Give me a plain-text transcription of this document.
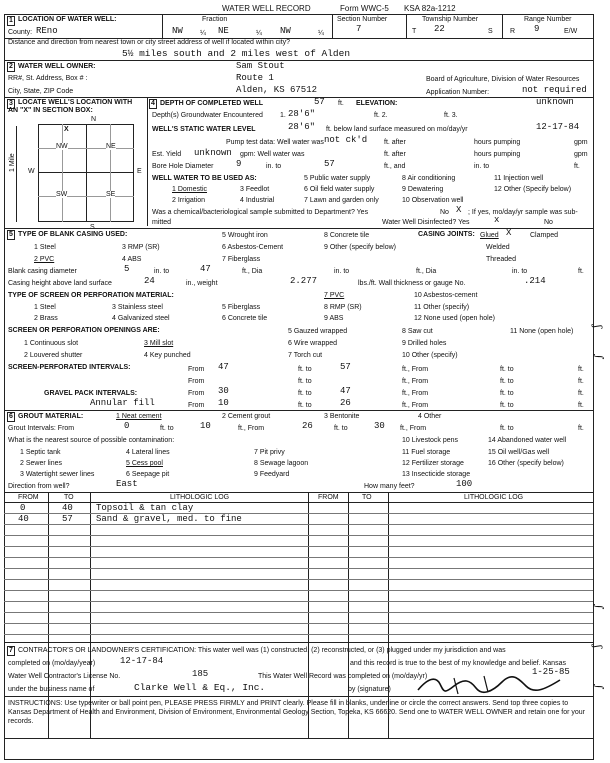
WATER WELL RECORD	Form WWC-5 KSA 82a-1212
1 LOCATION OF WATER WELL:
County: REno
Fraction
NW ¼ NE	¼ NW	¼
Section Number
7
Township Number
T 22	S
Range Number
R 9	E/W
Distance and direction from nearest town or city street address of well if located within city?
5½ miles south and 2 miles west of Alden
2 WATER WELL OWNER:	Sam Stout
RR#, St. Address, Box # :	Route 1	Board of Agriculture, Division of Water Resources
City, State, ZIP Code	Alden, KS 67512	Application Number:	not required
3 LOCATE WELL'S LOCATION WITH
AN "X" IN SECTION BOX:
N
W	E
1 Mile
NW	NE
SW	SE
X
4 DEPTH OF COMPLETED WELL	57 ft. ELEVATION:	unknown
Depth(s) Groundwater Encountered 1. 28'6"	ft. 2.	ft. 3.
WELL'S STATIC WATER LEVEL	28'6" ft. below land surface measured on mo/day/yr	12-17-84
Pump test data: Well water was not ck'd ft. after	hours pumping	gpm
Est. Yield unknown gpm: Well water was	ft. after	hours pumping	gpm
Bore Hole Diameter	9	in. to	57	ft., and	in. to	ft.
WELL WATER TO BE USED AS:	5 Public water supply	8 Air conditioning	11 Injection well
1 Domestic	3 Feedlot	6 Oil field water supply	9 Dewatering	12 Other (Specify below)
2 Irrigation	4 Industrial	7 Lawn and garden only	10 Observation well
Was a chemical/bacteriological sample submitted to Department? Yes	No X ; If yes, mo/day/yr sample was sub-
mitted	Water Well Disinfected? Yes	x	No
5 TYPE OF BLANK CASING USED:	5 Wrought iron	8 Concrete tile	CASING JOINTS: Glued X	Clamped
1 Steel	3 RMP (SR)	6 Asbestos-Cement	9 Other (specify below)	Welded
2 PVC	4 ABS	7 Fiberglass	Threaded
Blank casing diameter	5	in. to	47	ft., Dia	in. to	ft., Dia	in. to	ft.
Casing height above land surface	24	in., weight	2.277	lbs./ft. Wall thickness or gauge No.	.214
TYPE OF SCREEN OR PERFORATION MATERIAL:	7 PVC	10 Asbestos-cement
1 Steel	3 Stainless steel	5 Fiberglass	8 RMP (SR)	11 Other (specify)
2 Brass	4 Galvanized steel	6 Concrete tile	9 ABS	12 None used (open hole)
SCREEN OR PERFORATION OPENINGS ARE:	5 Gauzed wrapped	8 Saw cut	11 None (open hole)
1 Continuous slot	3 Mill slot	6 Wire wrapped	9 Drilled holes
2 Louvered shutter	4 Key punched	7 Torch cut	10 Other (specify)
SCREEN-PERFORATED INTERVALS:	From 47	ft. to	57	ft., From	ft. to	ft.
From	ft. to	ft., From	ft. to	ft.
GRAVEL PACK INTERVALS:	From 30	ft. to	47	ft., From	ft. to	ft.
Annular fill	From 10	ft. to	26	ft., From	ft. to	ft.
6 GROUT MATERIAL:	1 Neat cement	2 Cement grout	3 Bentonite	4 Other
Grout Intervals: From	0	ft. to	10	ft., From	26	ft. to	30 ft., From	ft. to	ft.
What is the nearest source of possible contamination:	10 Livestock pens	14 Abandoned water well
1 Septic tank	4 Lateral lines	7 Pit privy	11 Fuel storage	15 Oil well/Gas well
2 Sewer lines	5 Cess pool	8 Sewage lagoon	12 Fertilizer storage	16 Other (specify below)
3 Watertight sewer lines	6 Seepage pit	9 Feedyard	13 Insecticide storage
Direction from well?	East	How many feet?	100
FROM	TO	LITHOLOGIC LOG	FROM	TO	LITHOLOGIC LOG
0	40	Topsoil & tan clay
40	57	Sand & gravel, med. to fine
7 CONTRACTOR'S OR LANDOWNER'S CERTIFICATION: This water well was (1) constructed, (2) reconstructed, or (3) plugged under my jurisdiction and was
completed on (mo/day/year)	12-17-84	and this record is true to the best of my knowledge and belief. Kansas
Water Well Contractor's License No.	185	This Water Well Record was completed on (mo/day/yr)	1-25-85
under the business name of	Clarke Well & Eq., Inc.	by (signature)
INSTRUCTIONS: Use typewriter or ball point pen, PLEASE PRESS FIRMLY and PRINT clearly. Please fill in blanks, underline or circle the correct answers. Send top three copies to Kansas Department of Health and Environment, Division of Environment, Environmental Geology Section, Topeka, KS 66620. Send one to WATER WELL OWNER and retain one for your records.
ʃ
∫
∫
ʃ
∫
